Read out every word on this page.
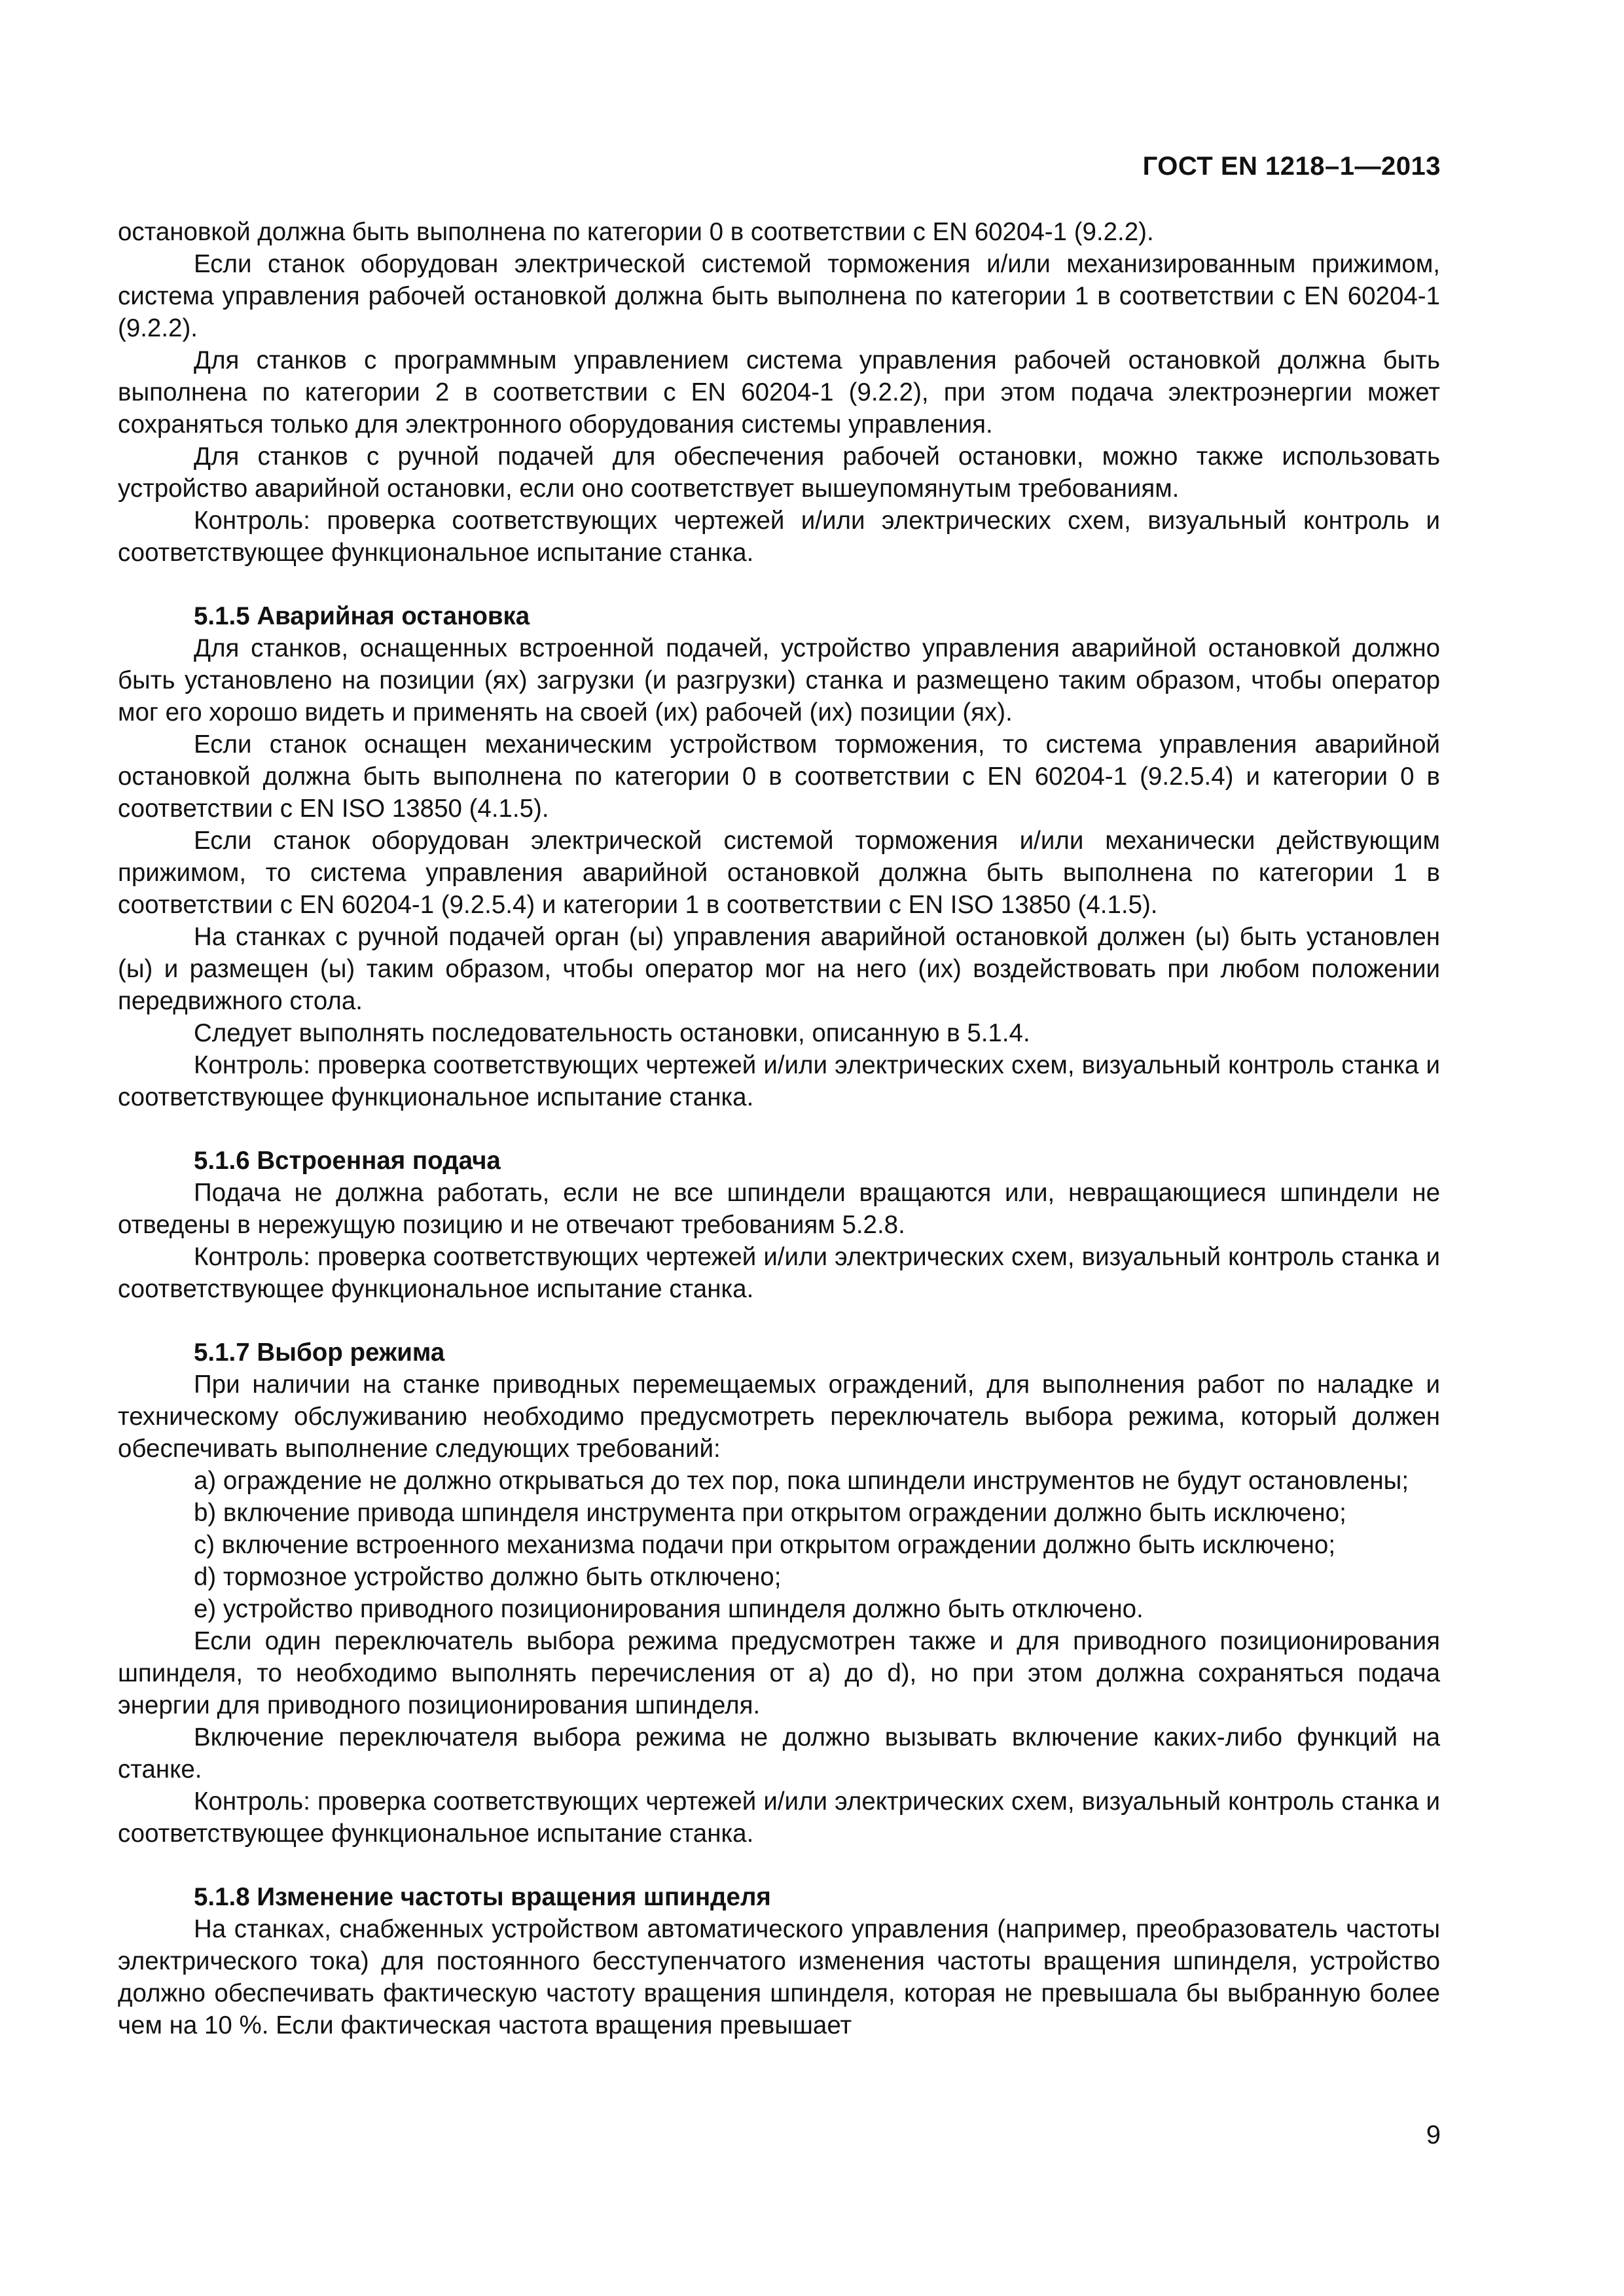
ГОСТ EN 1218–1—2013

остановкой должна быть выполнена по категории 0 в соответствии с EN 60204-1 (9.2.2).

Если станок оборудован электрической системой торможения и/или механизированным прижимом, система управления рабочей остановкой должна быть выполнена по категории 1 в соответствии с EN 60204-1 (9.2.2).

Для станков с программным управлением система управления рабочей остановкой должна быть выполнена по категории 2 в соответствии с EN 60204-1 (9.2.2), при этом подача электроэнергии может сохраняться только для электронного оборудования системы управления.

Для станков с ручной подачей для обеспечения рабочей остановки, можно также использовать устройство аварийной остановки, если оно соответствует вышеупомянутым требованиям.

Контроль: проверка соответствующих чертежей и/или электрических схем, визуальный контроль и соответствующее функциональное испытание станка.

5.1.5 Аварийная остановка

Для станков, оснащенных встроенной подачей, устройство управления аварийной остановкой должно быть установлено на позиции (ях) загрузки (и разгрузки) станка и размещено таким образом, чтобы оператор мог его хорошо видеть и применять на своей (их) рабочей (их) позиции (ях).

Если станок оснащен механическим устройством торможения, то система управления аварийной остановкой должна быть выполнена по категории 0 в соответствии с EN 60204-1 (9.2.5.4) и категории 0 в соответствии с EN ISO 13850 (4.1.5).

Если станок оборудован электрической системой торможения и/или механически действующим прижимом, то система управления аварийной остановкой должна быть выполнена по категории 1 в соответствии с EN 60204-1 (9.2.5.4) и категории 1 в соответствии с EN ISO 13850 (4.1.5).

На станках с ручной подачей орган (ы) управления аварийной остановкой должен (ы) быть установлен (ы) и размещен (ы) таким образом, чтобы оператор мог на него (их) воздействовать при любом положении передвижного стола.

Следует выполнять последовательность остановки, описанную в 5.1.4.

Контроль: проверка соответствующих чертежей и/или электрических схем, визуальный контроль станка и соответствующее функциональное испытание станка.

5.1.6 Встроенная подача

Подача не должна работать, если не все шпиндели вращаются или, невращающиеся шпиндели не отведены в нережущую позицию и не отвечают требованиям 5.2.8.

Контроль: проверка соответствующих чертежей и/или электрических схем, визуальный контроль станка и соответствующее функциональное испытание станка.

5.1.7 Выбор режима

При наличии на станке приводных перемещаемых ограждений, для выполнения работ по наладке и техническому обслуживанию необходимо предусмотреть переключатель выбора режима, который должен обеспечивать выполнение следующих требований:

a) ограждение не должно открываться до тех пор, пока шпиндели инструментов не будут остановлены;

b) включение привода шпинделя инструмента при открытом ограждении должно быть исключено;

c) включение встроенного механизма подачи при открытом ограждении должно быть исключено;

d) тормозное устройство должно быть отключено;

e) устройство приводного позиционирования шпинделя должно быть отключено.

Если один переключатель выбора режима предусмотрен также и для приводного позиционирования шпинделя, то необходимо выполнять перечисления от a) до d), но при этом должна сохраняться подача энергии для приводного позиционирования шпинделя.

Включение переключателя выбора режима не должно вызывать включение каких-либо функций на станке.

Контроль: проверка соответствующих чертежей и/или электрических схем, визуальный контроль станка и соответствующее функциональное испытание станка.

5.1.8 Изменение частоты вращения шпинделя

На станках, снабженных устройством автоматического управления (например, преобразователь частоты электрического тока) для постоянного бесступенчатого изменения частоты вращения шпинделя, устройство должно обеспечивать фактическую частоту вращения шпинделя, которая не превышала бы выбранную более чем на 10 %. Если фактическая частота вращения превышает

9
